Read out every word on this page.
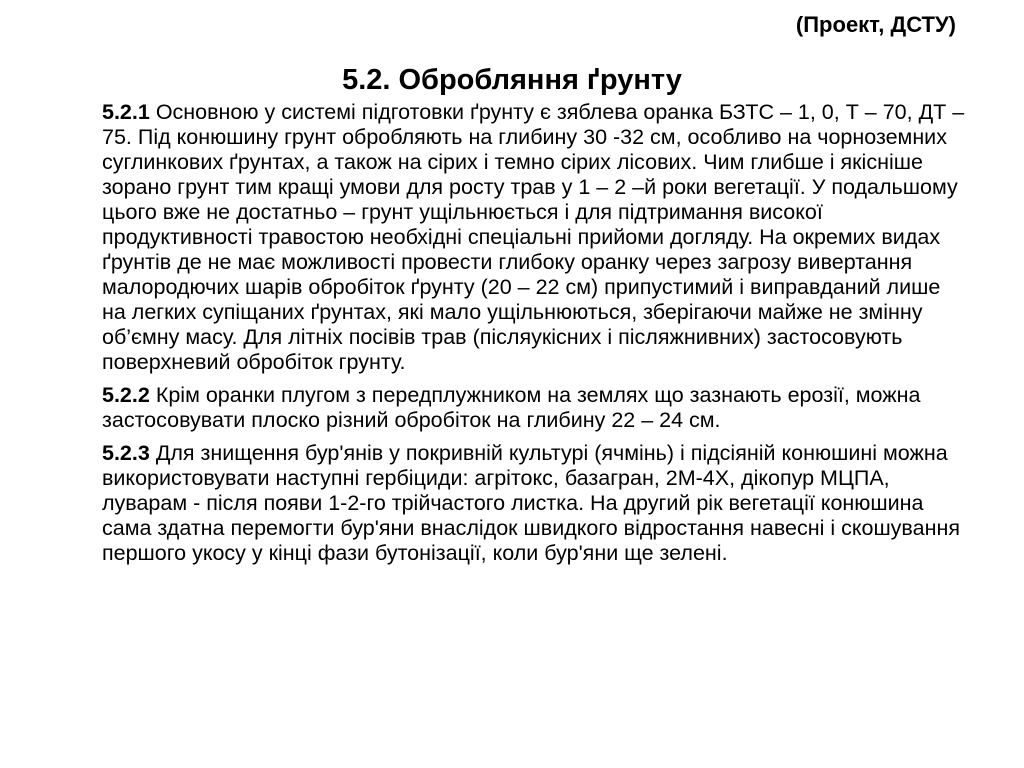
(Проект, ДСТУ)
5.2. Обробляння ґрунту

5.2.1 Основною у системі підготовки ґрунту є зяблева оранка БЗТС – 1, 0, Т – 70, ДТ – 75. Під конюшину грунт обробляють на глибину 30 -32 см, особливо на чорноземних суглинкових ґрунтах, а також на сірих і темно сірих лісових. Чим глибше і якісніше зорано грунт тим кращі умови для росту трав у 1 – 2 –й роки вегетації. У подальшому цього вже не достатньо – грунт ущільнюється і для підтримання високої продуктивності травостою необхідні спеціальні прийоми догляду. На окремих видах ґрунтів де не має можливості провести глибоку оранку через загрозу вивертання малородючих шарів обробіток ґрунту (20 – 22 см) припустимий і виправданий лише на легких супіщаних ґрунтах, які мало ущільнюються, зберігаючи майже не змінну об’ємну масу. Для літніх посівів трав (післяукісних і післяжнивних) застосовують поверхневий обробіток грунту.

5.2.2 Крім оранки плугом з передплужником на землях що зазнають ерозії, можна застосовувати плоско різний обробіток на глибину 22 – 24 см.

5.2.3 Для знищення бур'янів у покривній культурі (ячмінь) і підсіяній конюшині можна використовувати наступні гербіциди: агрітокс, базагран, 2М-4Х, дікопур МЦПА, луварам - після появи 1-2-го трійчастого листка. На другий рік вегетації конюшина сама здатна перемогти бур'яни внаслідок швидкого відростання навесні і скошування першого укосу у кінці фази бутонізації, коли бур'яни ще зелені.
